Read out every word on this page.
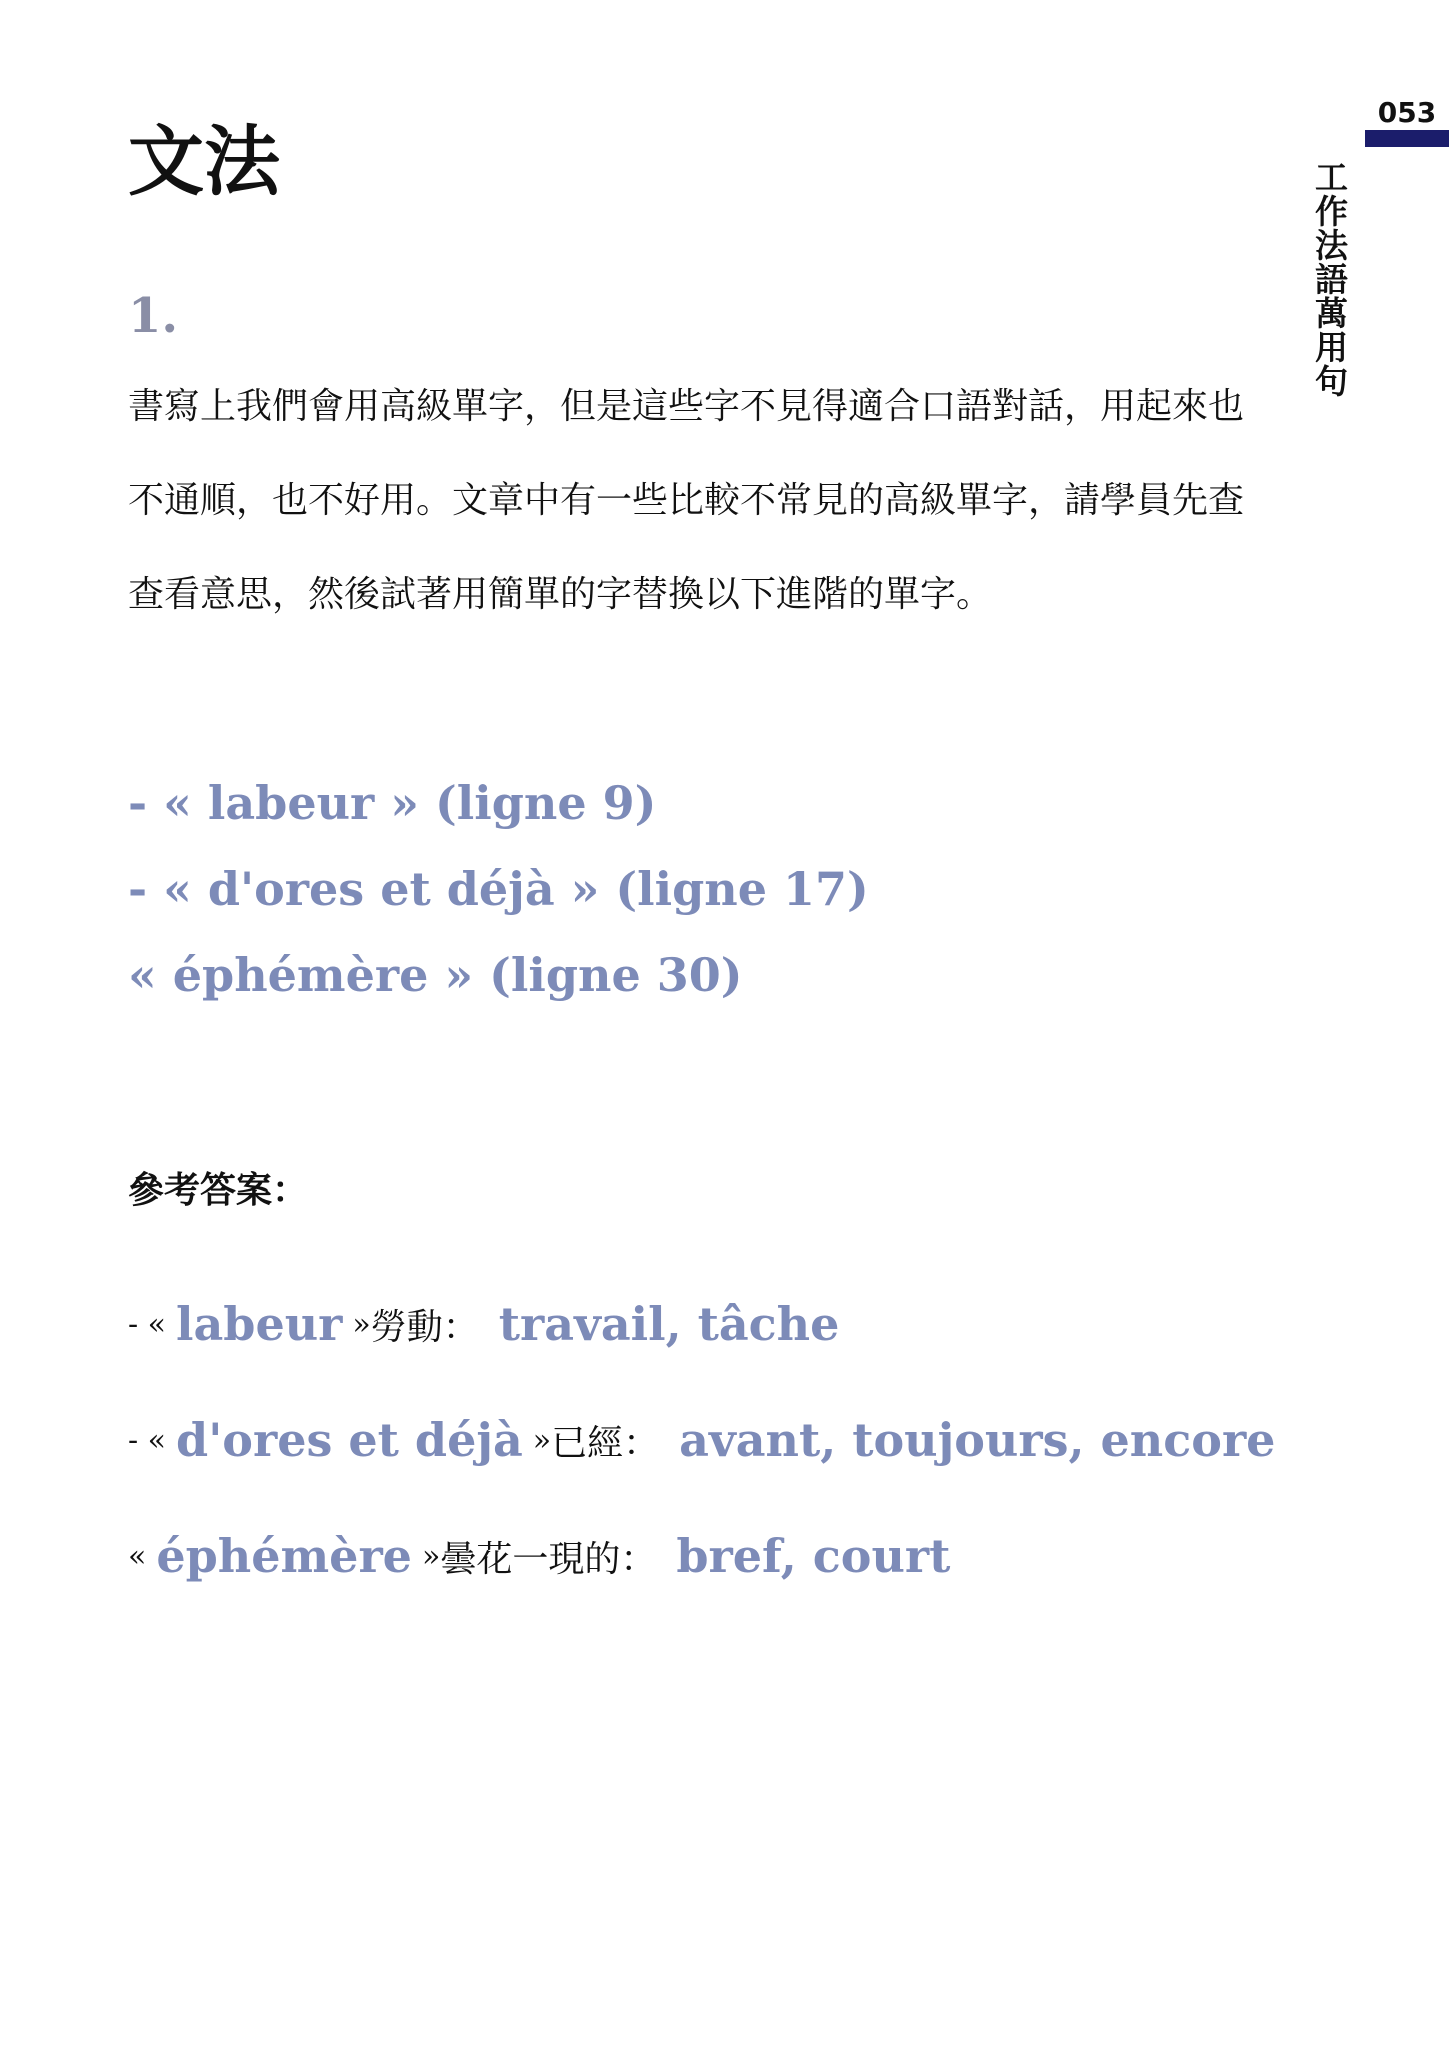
053
工作法語萬用句
文法
1.

書寫上我們會用高級單字，但是這些字不見得適合口語對話，用起來也不通順，也不好用。文章中有一些比較不常見的高級單字，請學員先查查看意思，然後試著用簡單的字替換以下進階的單字。

- « labeur » (ligne 9)
- « d'ores et déjà » (ligne 17)
« éphémère » (ligne 30)
參考答案：
- « labeur » 勞動： travail, tâche
- « d'ores et déjà » 已經： avant, toujours, encore
« éphémère » 曇花一現的： bref, court
